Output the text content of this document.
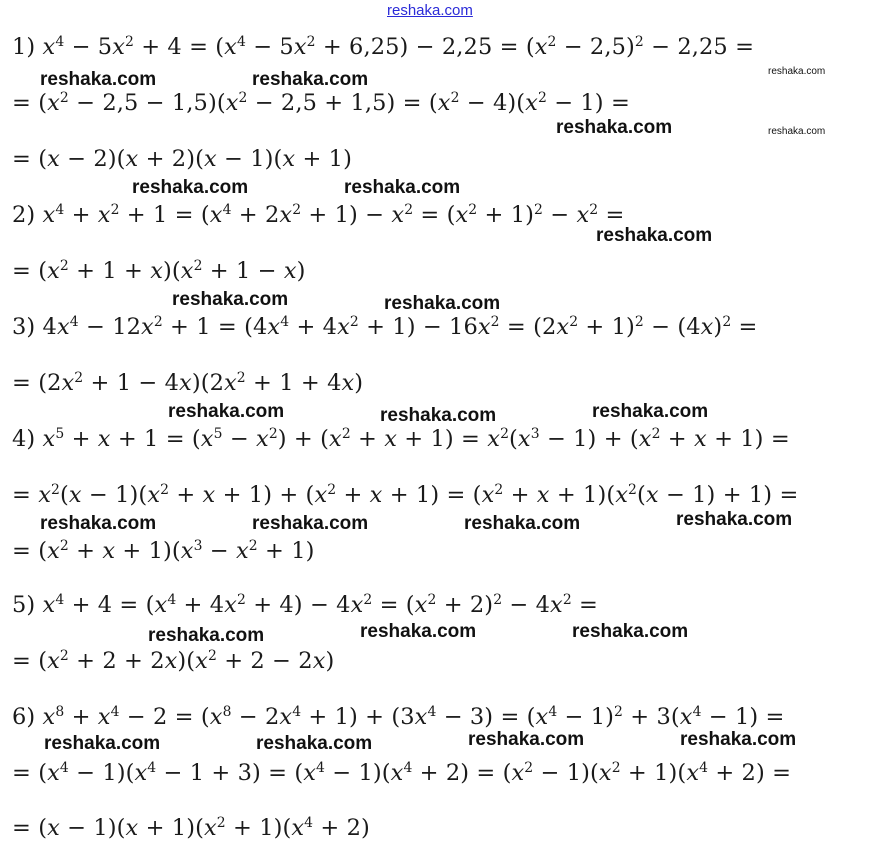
reshaka.com
1) $x^4 - 5x^2 + 4 = (x^4 - 5x^2 + 6,25) - 2,25 = (x^2 - 2,5)^2 - 2,25$ =
= $(x^2 - 2,5 - 1,5)(x^2 - 2,5 + 1,5) = (x^2 - 4)(x^2 - 1)$ =
= (x − 2)(x + 2)(x − 1)(x + 1)
2) $x^4 + x^2 + 1 = (x^4 + 2x^2 + 1) - x^2 = (x^2 + 1)^2 - x^2$ =
= $(x^2 + 1 + x)(x^2 + 1 - x)$
3) $4x^4 - 12x^2 + 1 = (4x^4 + 4x^2 + 1) - 16x^2 = (2x^2 + 1)^2 - (4x)^2$ =
= $(2x^2 + 1 - 4x)(2x^2 + 1 + 4x)$
4) $x^5 + x + 1 = (x^5 - x^2) + (x^2 + x + 1) = x^2(x^3 - 1) + (x^2 + x + 1)$ =
= $x^2(x - 1)(x^2 + x + 1) + (x^2 + x + 1) = (x^2 + x + 1)(x^2(x - 1) + 1)$ =
= $(x^2 + x + 1)(x^3 - x^2 + 1)$
5) $x^4 + 4 = (x^4 + 4x^2 + 4) - 4x^2 = (x^2 + 2)^2 - 4x^2$ =
= $(x^2 + 2 + 2x)(x^2 + 2 - 2x)$
6) $x^8 + x^4 - 2 = (x^8 - 2x^4 + 1) + (3x^4 - 3) = (x^4 - 1)^2 + 3(x^4 - 1)$ =
= $(x^4 - 1)(x^4 - 1 + 3) = (x^4 - 1)(x^4 + 2) = (x^2 - 1)(x^2 + 1)(x^4 + 2)$ =
= $(x - 1)(x + 1)(x^2 + 1)(x^4 + 2)$
reshaka.com	reshaka.com	reshaka.com
reshaka.com	reshaka.com
reshaka.com	reshaka.com
reshaka.com
reshaka.com	reshaka.com
reshaka.com	reshaka.com	reshaka.com
reshaka.com	reshaka.com	reshaka.com	reshaka.com
reshaka.com	reshaka.com	reshaka.com
reshaka.com	reshaka.com	reshaka.com	reshaka.com
